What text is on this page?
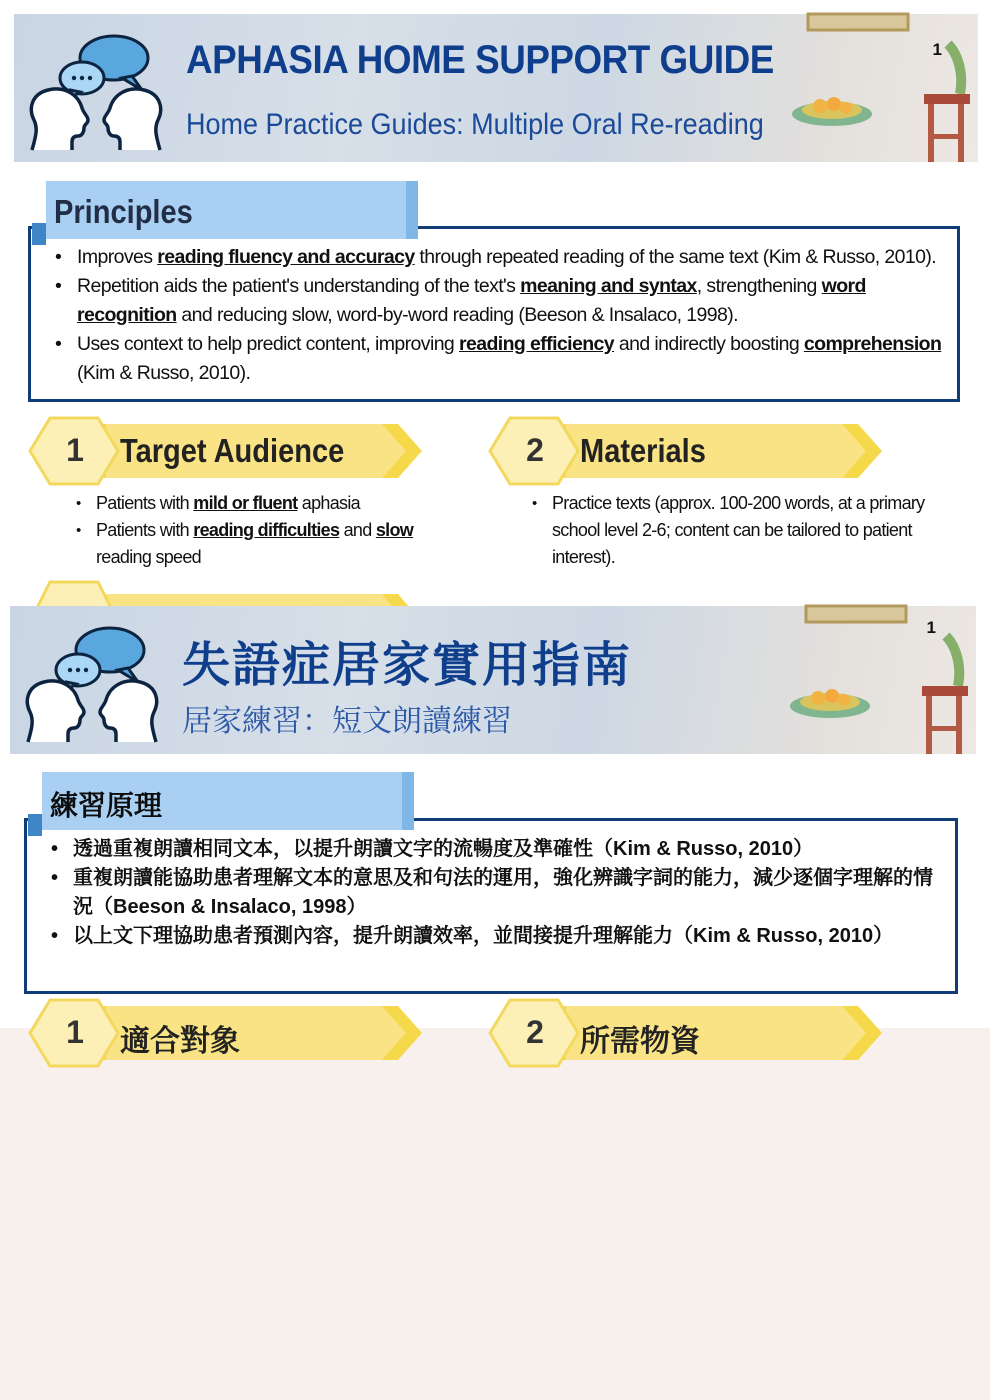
APHASIA HOME SUPPORT GUIDE
Home Practice Guides: Multiple Oral Re-reading
1
• Improves reading fluency and accuracy through repeated reading of the same text (Kim & Russo, 2010).
• Repetition aids the patient's understanding of the text's meaning and syntax, strengthening word recognition and reducing slow, word-by-word reading (Beeson & Insalaco, 1998).
• Uses context to help predict content, improving reading efficiency and indirectly boosting comprehension (Kim & Russo, 2010).
Principles
1 Target Audience
• Patients with mild or fluent aphasia
• Patients with reading difficulties and slow reading speed
2 Materials
• Practice texts (approx. 100-200 words, at a primary school level 2-6; content can be tailored to patient interest).
失語症居家實用指南
居家練習：短文朗讀練習
1
• 透過重複朗讀相同文本，以提升朗讀文字的流暢度及準確性（Kim & Russo, 2010）
• 重複朗讀能協助患者理解文本的意思及和句法的運用，強化辨識字詞的能力，減少逐個字理解的情況（Beeson & Insalaco, 1998）
• 以上文下理協助患者預測內容，提升朗讀效率，並間接提升理解能力（Kim & Russo, 2010）
練習原理
1 適合對象	2 所需物資
